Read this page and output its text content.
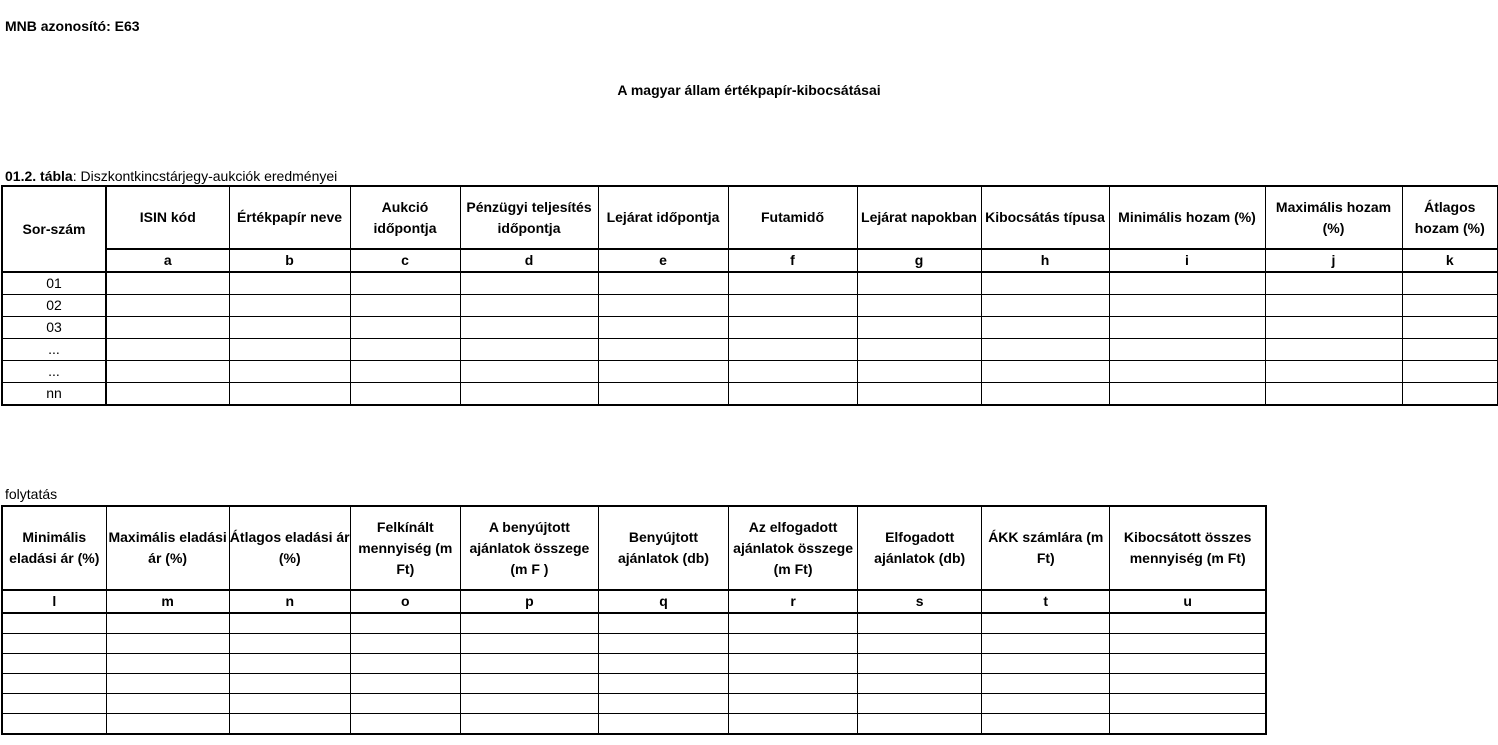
MNB azonosító: E63
A magyar állam értékpapír-kibocsátásai
01.2. tábla: Diszkontkincstárjegy-aukciók eredményei
Sor-szám	ISIN kód	Értékpapír neve	Aukció időpontja	Pénzügyi teljesítés időpontja	Lejárat időpontja	Futamidő	Lejárat napokban	Kibocsátás típusa	Minimális hozam (%)	Maximális hozam (%)	Átlagos hozam (%)
	a	b	c	d	e	f	g	h	i	j	k
01											
02											
03											
...											
...											
nn											
folytatás
Minimális eladási ár (%)	Maximális eladási ár (%)	Átlagos eladási ár (%)	Felkínált mennyiség (m Ft)	A benyújtott ajánlatok összege (m F )	Benyújtott ajánlatok (db)	Az elfogadott ajánlatok összege (m Ft)	Elfogadott ajánlatok (db)	ÁKK számlára (m Ft)	Kibocsátott összes mennyiség (m Ft)
l	m	n	o	p	q	r	s	t	u
